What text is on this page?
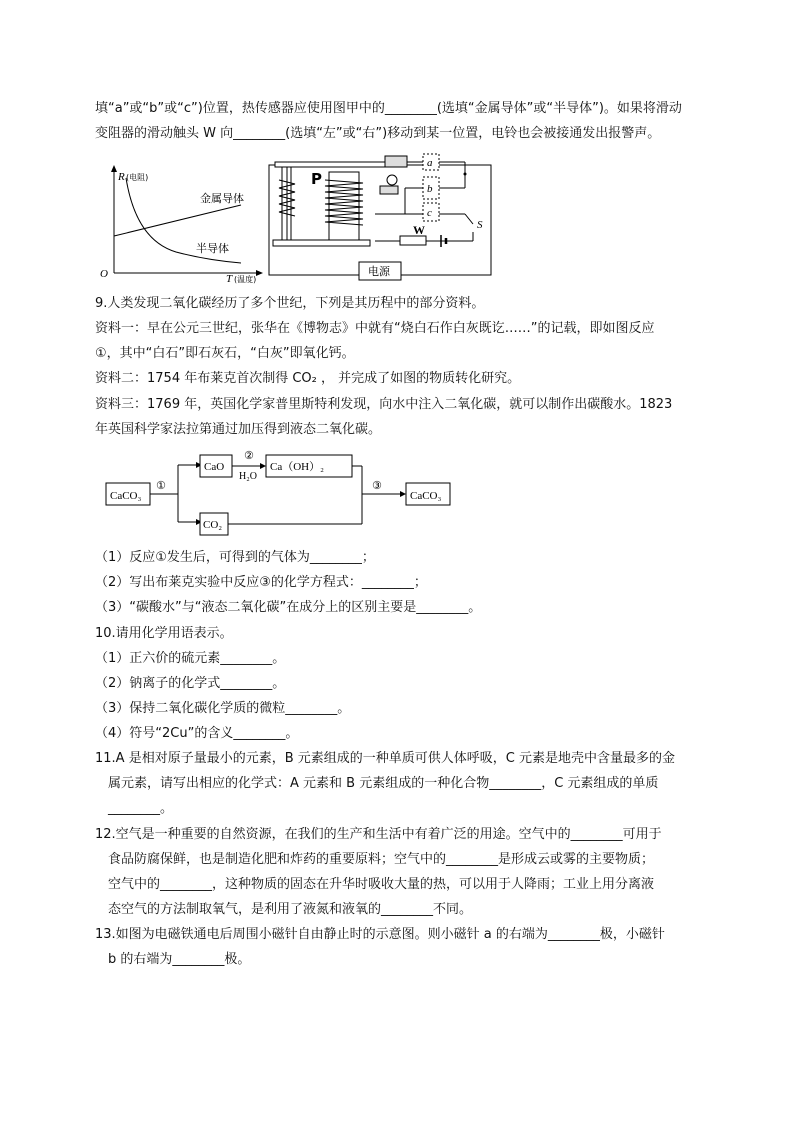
填“a”或“b”或“c”)位置，热传感器应使用图甲中的________(选填“金属导体”或“半导体”)。如果将滑动
变阻器的滑动触头 W 向________(选填“左”或“右”)移动到某一位置，电铃也会被接通发出报警声。
R (电阻)
O	T (温度)
金属导体
半导体
P
a
b
c
S
W
电源
9.人类发现二氧化碳经历了多个世纪，下列是其历程中的部分资料。
资料一：早在公元三世纪，张华在《博物志》中就有“烧白石作白灰既讫……”的记载，即如图反应
①，其中“白石”即石灰石，“白灰”即氧化钙。
资料二：1754 年布莱克首次制得 CO₂ ， 并完成了如图的物质转化研究。
资料三：1769 年，英国化学家普里斯特利发现，向水中注入二氧化碳，就可以制作出碳酸水。1823
年英国科学家法拉第通过加压得到液态二氧化碳。
CaCO₃
①
CaO
②
H₂O
Ca（OH）₂
CO₂
③
CaCO₃
（1）反应①发生后，可得到的气体为________；
（2）写出布莱克实验中反应③的化学方程式：________；
（3）“碳酸水”与“液态二氧化碳”在成分上的区别主要是________。
10.请用化学用语表示。
（1）正六价的硫元素________。
（2）钠离子的化学式________。
（3）保持二氧化碳化学质的微粒________。
（4）符号“2Cu”的含义________。
11.A 是相对原子量最小的元素，B 元素组成的一种单质可供人体呼吸，C 元素是地壳中含量最多的金
属元素，请写出相应的化学式：A 元素和 B 元素组成的一种化合物________，C 元素组成的单质
________。
12.空气是一种重要的自然资源，在我们的生产和生活中有着广泛的用途。空气中的________可用于
食品防腐保鲜，也是制造化肥和炸药的重要原料；空气中的________是形成云或雾的主要物质；
空气中的________，这种物质的固态在升华时吸收大量的热，可以用于人降雨；工业上用分离液
态空气的方法制取氧气，是利用了液氮和液氧的________不同。
13.如图为电磁铁通电后周围小磁针自由静止时的示意图。则小磁针 a 的右端为________极，小磁针
b 的右端为________极。
